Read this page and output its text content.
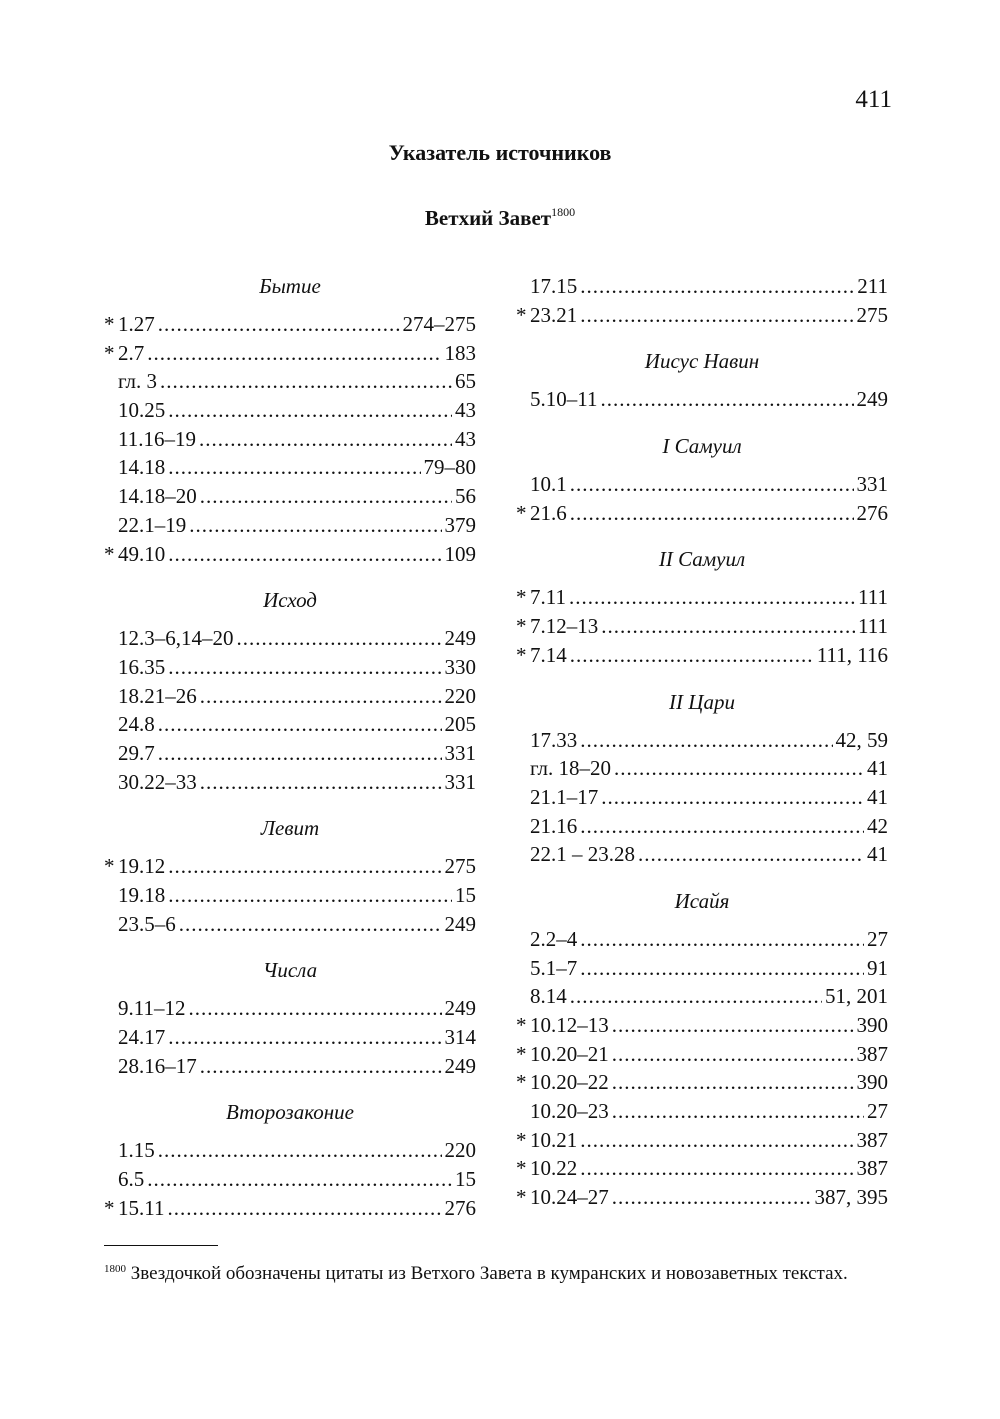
411
Указатель источников
Ветхий Завет$^{1800}$
Бытие
* 1.27 .....	274–275
* 2.7 .....	183
гл. 3 .....	65
10.25 .....	43
11.16–19 .....	43
14.18 .....	79–80
14.18–20 .....	56
22.1–19 .....	379
* 49.10 .....	109
Исход
12.3–6,14–20 .....	249
16.35 .....	330
18.21–26 .....	220
24.8 .....	205
29.7 .....	331
30.22–33 .....	331
Левит
* 19.12 .....	275
19.18 .....	15
23.5–6 .....	249
Числа
9.11–12 .....	249
24.17 .....	314
28.16–17 .....	249
Второзаконие
1.15 .....	220
6.5 .....	15
* 15.11 .....	276
17.15 .....	211
* 23.21 .....	275
Иисус Навин
5.10–11 .....	249
I Самуил
10.1 .....	331
* 21.6 .....	276
II Самуил
* 7.11 .....	111
* 7.12–13 .....	111
* 7.14 .....	111, 116
II Цари
17.33 .....	42, 59
гл. 18–20 .....	41
21.1–17 .....	41
21.16 .....	42
22.1 – 23.28 .....	41
Исайя
2.2–4 .....	27
5.1–7 .....	91
8.14 .....	51, 201
* 10.12–13 .....	390
* 10.20–21 .....	387
* 10.20–22 .....	390
10.20–23 .....	27
* 10.21 .....	387
* 10.22 .....	387
* 10.24–27 .....	387, 395
$^{1800}$ Звездочкой обозначены цитаты из Ветхого Завета в кумранских и новозаветных текстах.
